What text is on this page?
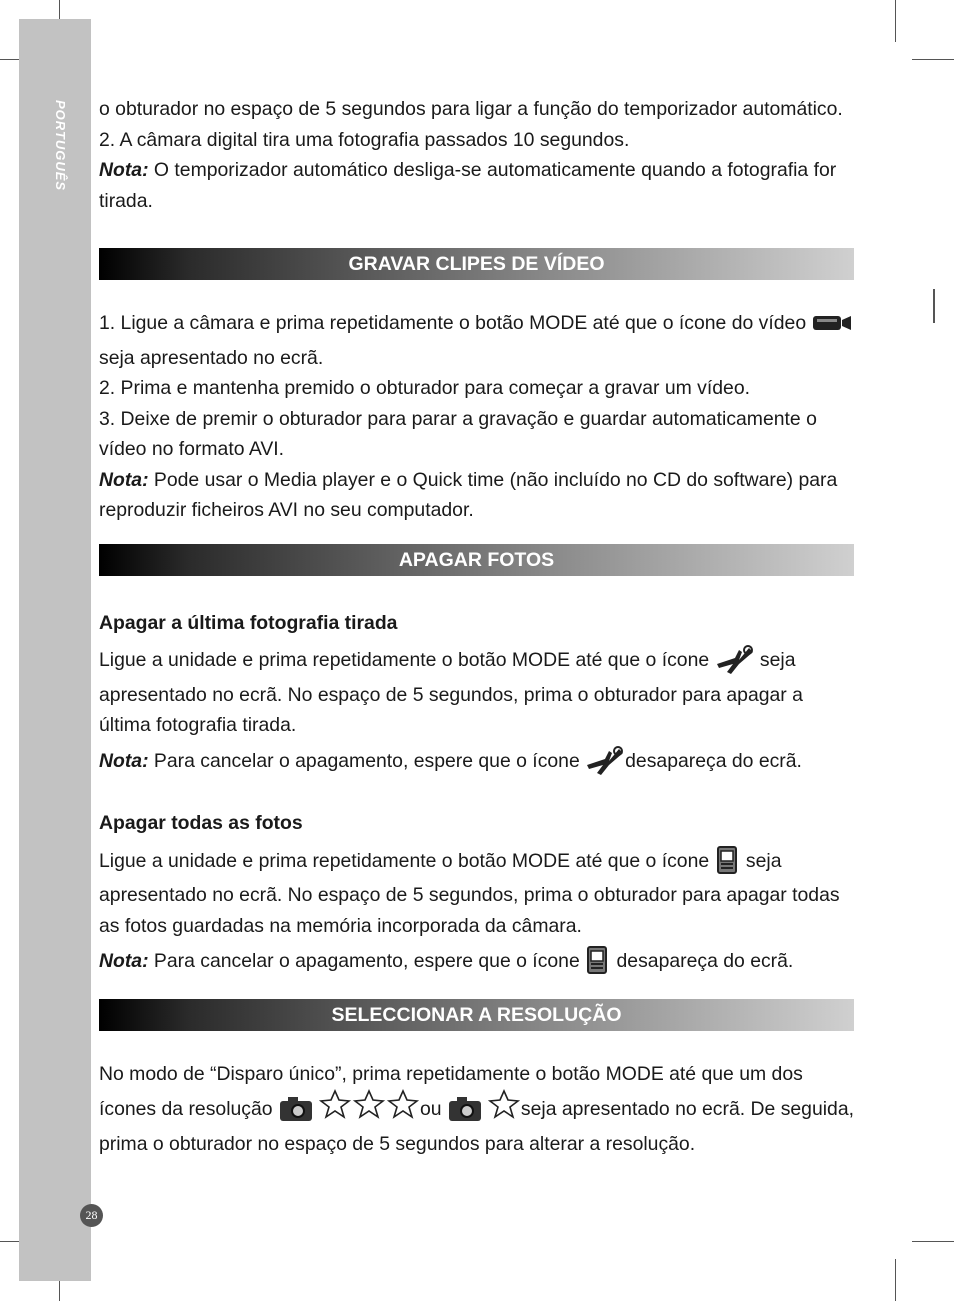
PORTUGUÊS o obturador no espaço de 5 segundos para ligar a função do temporizador automático.

2. A câmara digital tira uma fotografia passados 10 segundos.

Nota: O temporizador automático desliga-se automaticamente quando a fotografia for tirada.

GRAVAR CLIPES DE VÍDEO

1. Ligue a câmara e prima repetidamente o botão MODE até que o ícone do vídeo  seja apresentado no ecrã.

2. Prima e mantenha premido o obturador para começar a gravar um vídeo.

3. Deixe de premir o obturador para parar a gravação e guardar automaticamente o vídeo no formato AVI.

Nota: Pode usar o Media player e o Quick time (não incluído no CD do software) para reproduzir ficheiros AVI no seu computador.

APAGAR FOTOS

Apagar a última fotografia tirada

Ligue a unidade e prima repetidamente o botão MODE até que o ícone  seja apresentado no ecrã. No espaço de 5 segundos, prima o obturador para apagar a última fotografia tirada.

Nota: Para cancelar o apagamento, espere que o ícone desapareça do ecrã.

Apagar todas as fotos

Ligue a unidade e prima repetidamente o botão MODE até que o ícone  seja apresentado no ecrã. No espaço de 5 segundos, prima o obturador para apagar todas as fotos guardadas na memória incorporada da câmara.

Nota: Para cancelar o apagamento, espere que o ícone  desapareça do ecrã.

SELECCIONAR A RESOLUÇÃO

No modo de “Disparo único”, prima repetidamente o botão MODE até que um dos ícones da resolução	ou	seja apresentado no ecrã. De seguida, prima o obturador no espaço de 5 segundos para alterar a resolução.

28
